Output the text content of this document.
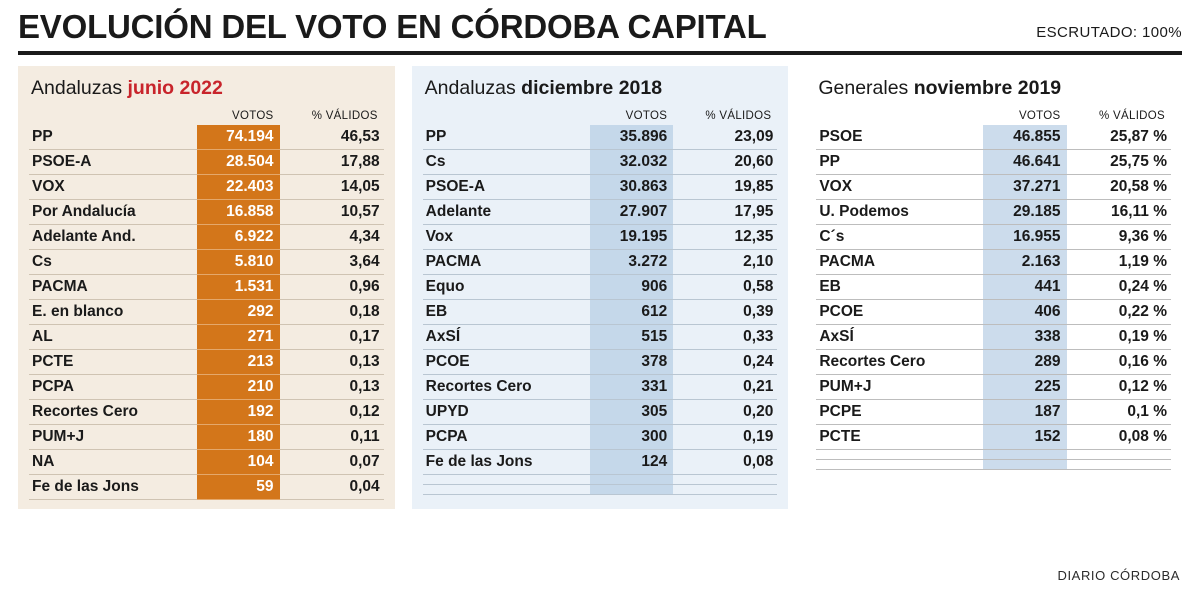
EVOLUCIÓN DEL VOTO EN CÓRDOBA CAPITAL	ESCRUTADO: 100%
Andaluzas junio 2022
	VOTOS	% VÁLIDOS
PP	74.194	46,53
PSOE-A	28.504	17,88
VOX	22.403	14,05
Por Andalucía	16.858	10,57
Adelante And.	6.922	4,34
Cs	5.810	3,64
PACMA	1.531	0,96
E. en blanco	292	0,18
AL	271	0,17
PCTE	213	0,13
PCPA	210	0,13
Recortes Cero	192	0,12
PUM+J	180	0,11
NA	104	0,07
Fe de las Jons	59	0,04
Andaluzas diciembre 2018
	VOTOS	% VÁLIDOS
PP	35.896	23,09
Cs	32.032	20,60
PSOE-A	30.863	19,85
Adelante	27.907	17,95
Vox	19.195	12,35
PACMA	3.272	2,10
Equo	906	0,58
EB	612	0,39
AxSÍ	515	0,33
PCOE	378	0,24
Recortes Cero	331	0,21
UPYD	305	0,20
PCPA	300	0,19
Fe de las Jons	124	0,08

Generales noviembre 2019
	VOTOS	% VÁLIDOS
PSOE	46.855	25,87 %
PP	46.641	25,75 %
VOX	37.271	20,58 %
U. Podemos	29.185	16,11 %
C´s	16.955	9,36 %
PACMA	2.163	1,19 %
EB	441	0,24 %
PCOE	406	0,22 %
AxSÍ	338	0,19 %
Recortes Cero	289	0,16 %
PUM+J	225	0,12 %
PCPE	187	0,1 %
PCTE	152	0,08 %

DIARIO CÓRDOBA
